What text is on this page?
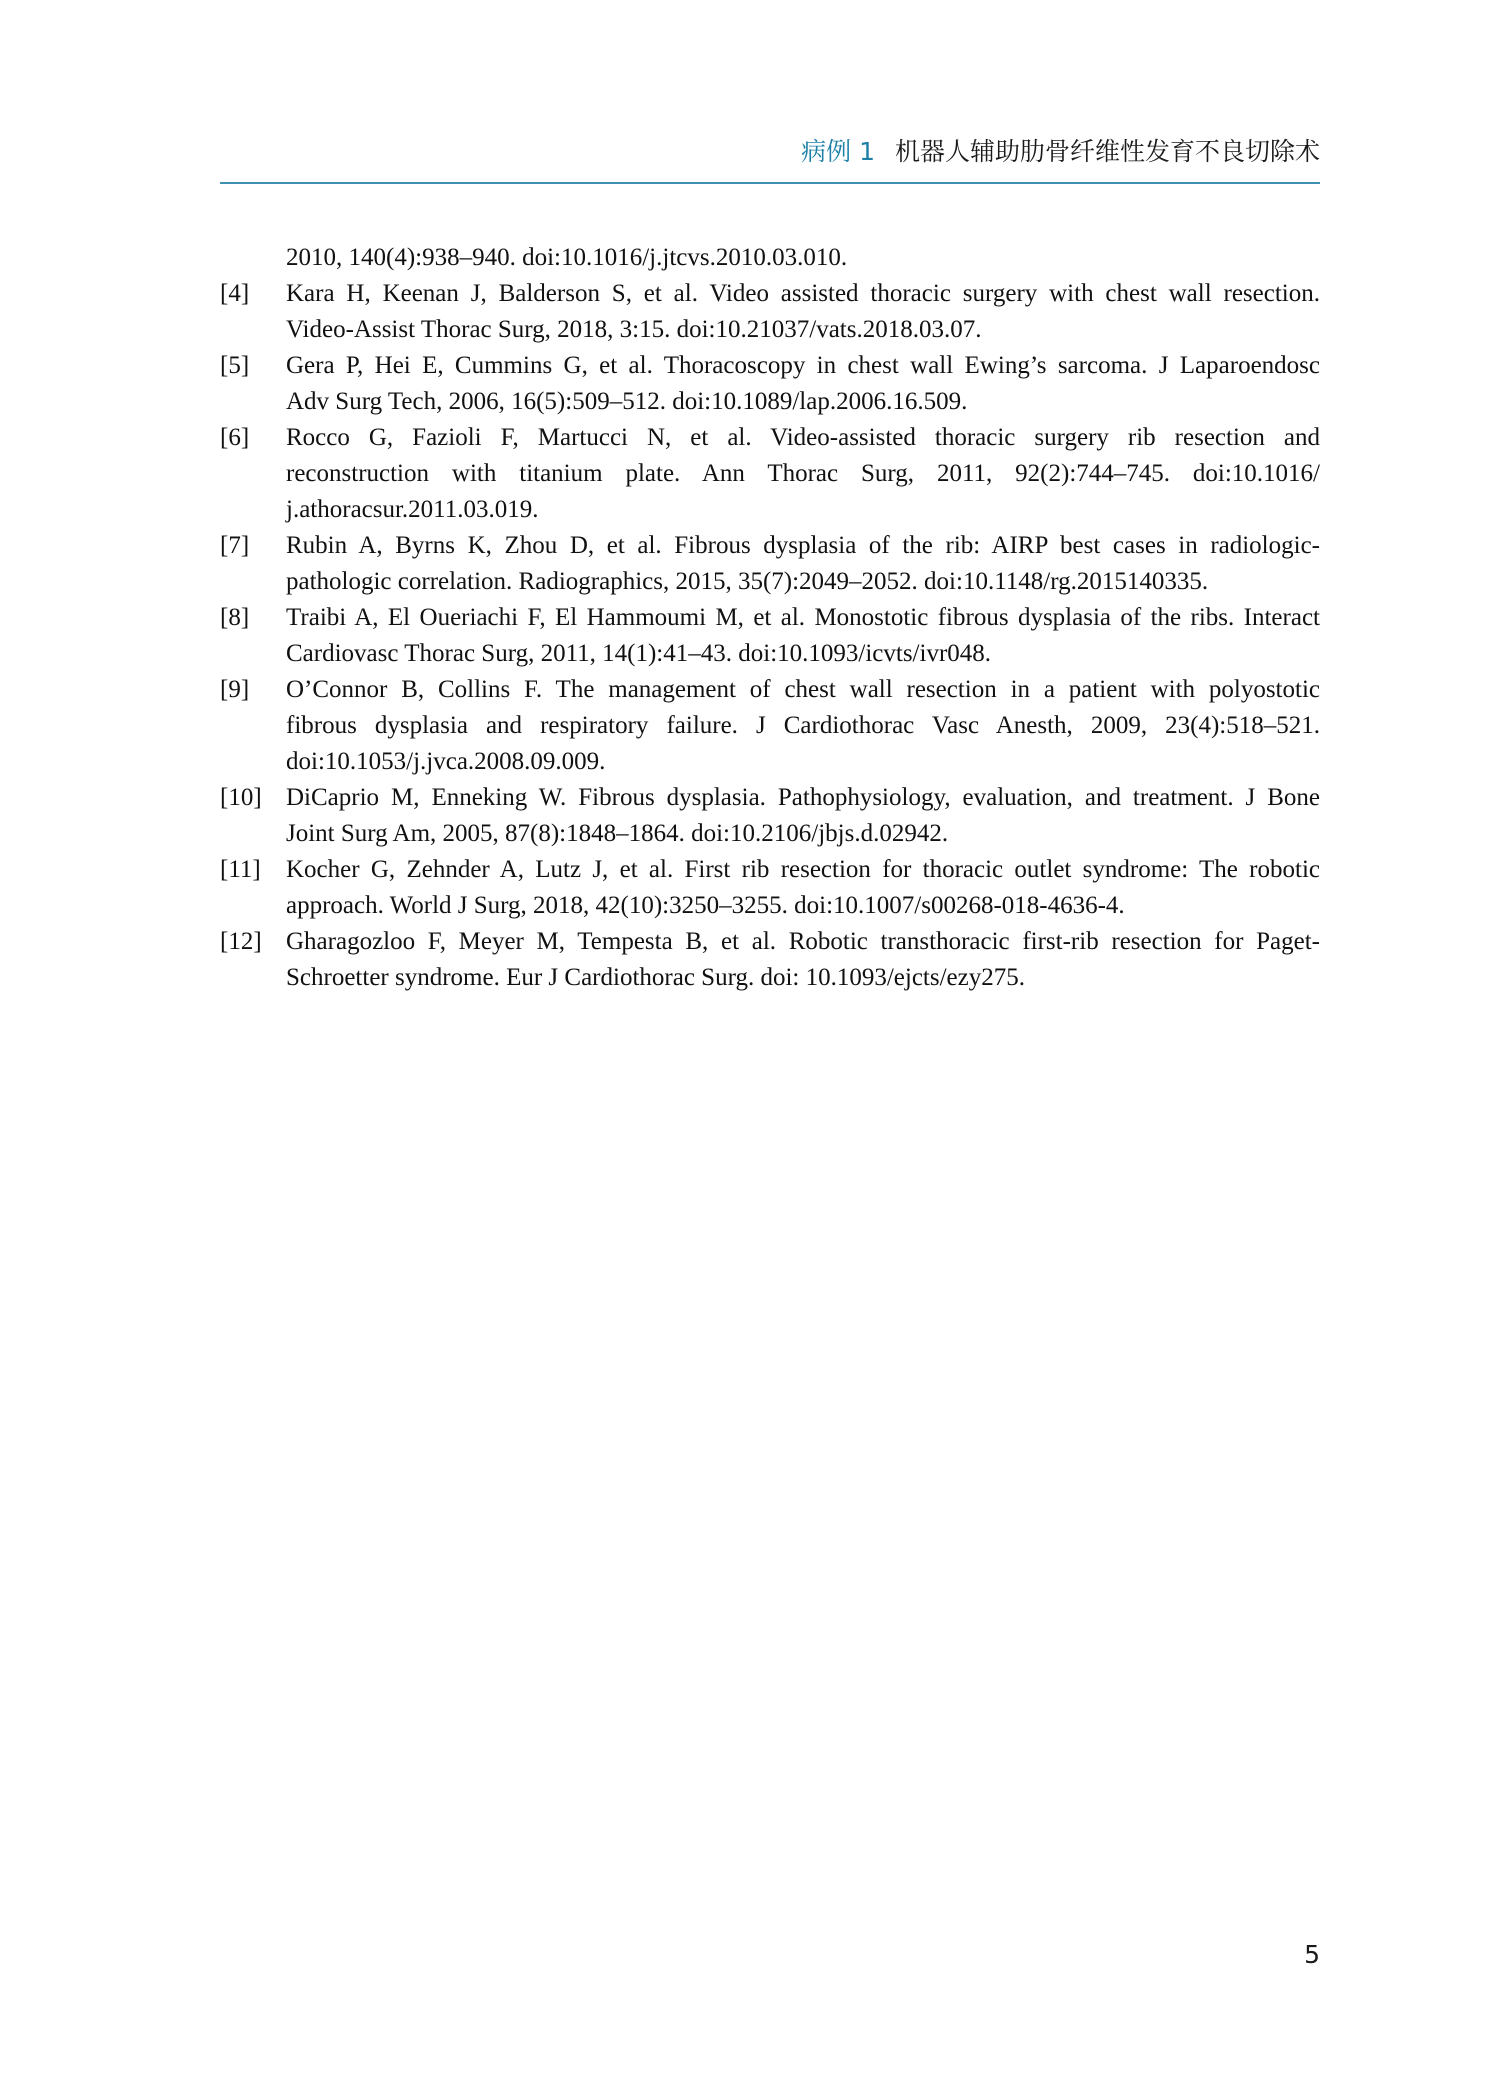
病例 1 机器人辅助肋骨纤维性发育不良切除术
2010, 140(4):938–940. doi:10.1016/j.jtcvs.2010.03.010.
[4]	Kara H, Keenan J, Balderson S, et al. Video assisted thoracic surgery with chest wall resection.
Video-Assist Thorac Surg, 2018, 3:15. doi:10.21037/vats.2018.03.07.
[5]	Gera P, Hei E, Cummins G, et al. Thoracoscopy in chest wall Ewing’s sarcoma. J Laparoendosc
Adv Surg Tech, 2006, 16(5):509–512. doi:10.1089/lap.2006.16.509.
[6]	Rocco G, Fazioli F, Martucci N, et al. Video-assisted thoracic surgery rib resection and
reconstruction with titanium plate. Ann Thorac Surg, 2011, 92(2):744–745. doi:10.1016/
j.athoracsur.2011.03.019.
[7]	Rubin A, Byrns K, Zhou D, et al. Fibrous dysplasia of the rib: AIRP best cases in radiologic-
pathologic correlation. Radiographics, 2015, 35(7):2049–2052. doi:10.1148/rg.2015140335.
[8]	Traibi A, El Oueriachi F, El Hammoumi M, et al. Monostotic fibrous dysplasia of the ribs. Interact
Cardiovasc Thorac Surg, 2011, 14(1):41–43. doi:10.1093/icvts/ivr048.
[9]	O’Connor B, Collins F. The management of chest wall resection in a patient with polyostotic
fibrous dysplasia and respiratory failure. J Cardiothorac Vasc Anesth, 2009, 23(4):518–521.
doi:10.1053/j.jvca.2008.09.009.
[10] DiCaprio M, Enneking W. Fibrous dysplasia. Pathophysiology, evaluation, and treatment. J Bone
Joint Surg Am, 2005, 87(8):1848–1864. doi:10.2106/jbjs.d.02942.
[11]	Kocher G, Zehnder A, Lutz J, et al. First rib resection for thoracic outlet syndrome: The robotic
approach. World J Surg, 2018, 42(10):3250–3255. doi:10.1007/s00268-018-4636-4.
[12] Gharagozloo F, Meyer M, Tempesta B, et al. Robotic transthoracic first-rib resection for Paget-
Schroetter syndrome. Eur J Cardiothorac Surg. doi: 10.1093/ejcts/ezy275.
5
